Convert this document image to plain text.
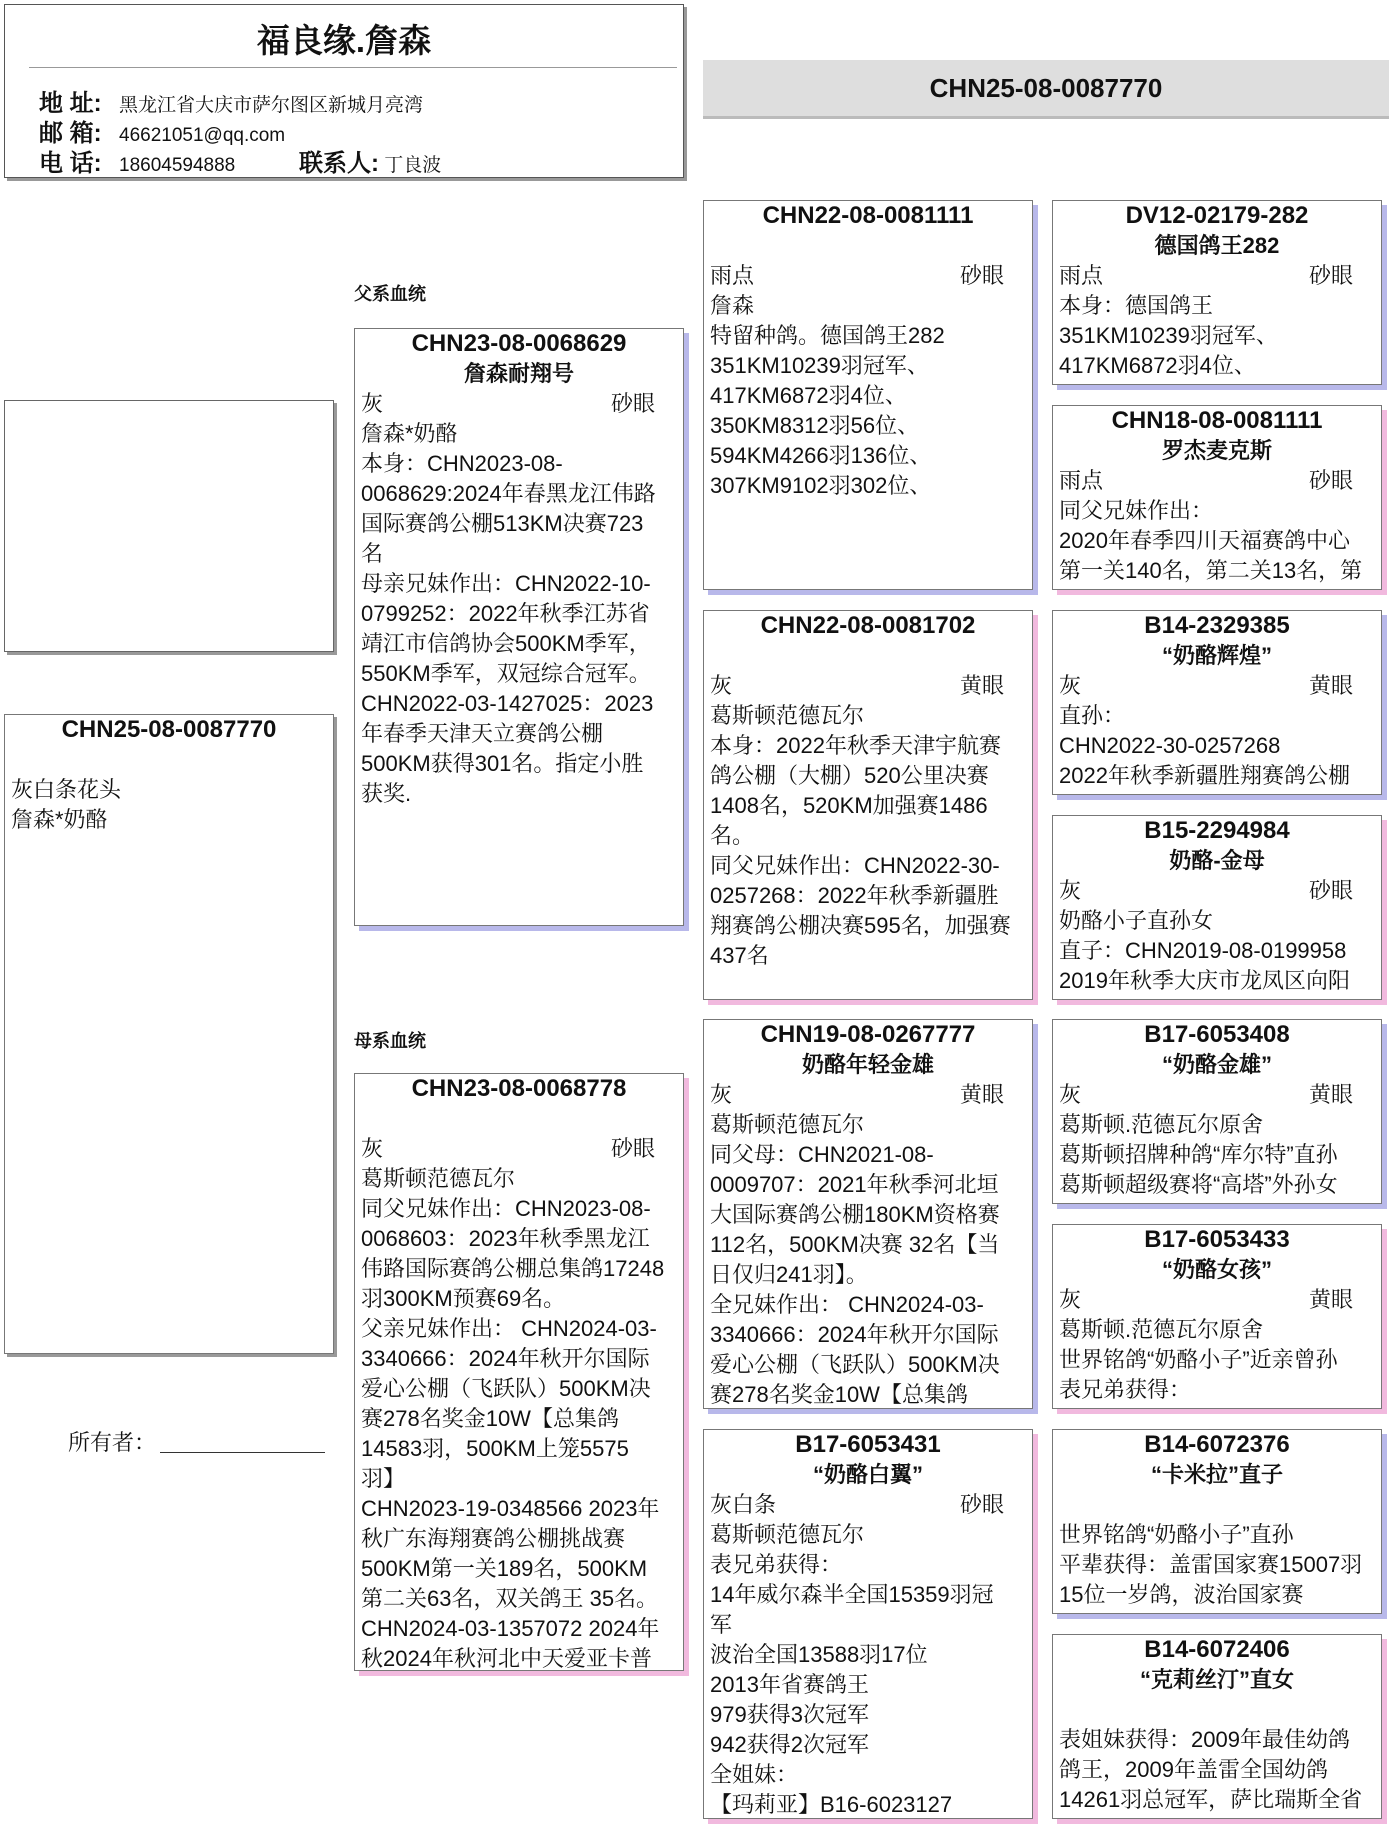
福良缘.詹森
地 址: 黑龙江省大庆市萨尔图区新城月亮湾
邮 箱: 46621051@qq.com
电 话: 18604594888	联系人: 丁良波
CHN25-08-0087770
父系血统
母系血统
CHN25-08-0087770
灰白条花头
詹森*奶酪
所有者：
CHN23-08-0068629
詹森耐翔号
灰	砂眼
詹森*奶酪
本身：CHN2023-08-
0068629:2024年春黑龙江伟路
国际赛鸽公棚513KM决赛723
名
母亲兄妹作出：CHN2022-10-
0799252：2022年秋季江苏省
靖江市信鸽协会500KM季军，
550KM季军，双冠综合冠军。
CHN2022-03-1427025：2023
年春季天津天立赛鸽公棚
500KM获得301名。指定小胜
获奖.
CHN23-08-0068778
灰	砂眼
葛斯顿范德瓦尔
同父兄妹作出：CHN2023-08-
0068603：2023年秋季黑龙江
伟路国际赛鸽公棚总集鸽17248
羽300KM预赛69名。
父亲兄妹作出： CHN2024-03-
3340666：2024年秋开尔国际
爱心公棚（飞跃队）500KM决
赛278名奖金10W【总集鸽
14583羽，500KM上笼5575
羽】
CHN2023-19-0348566 2023年
秋广东海翔赛鸽公棚挑战赛
500KM第一关189名，500KM
第二关63名，双关鸽王 35名。
CHN2024-03-1357072 2024年
秋2024年秋河北中天爱亚卡普
CHN22-08-0081111
雨点	砂眼
詹森
特留种鸽。德国鸽王282
351KM10239羽冠军、
417KM6872羽4位、
350KM8312羽56位、
594KM4266羽136位、
307KM9102羽302位、
CHN22-08-0081702
灰	黄眼
葛斯顿范德瓦尔
本身：2022年秋季天津宇航赛
鸽公棚（大棚）520公里决赛
1408名，520KM加强赛1486
名。
同父兄妹作出：CHN2022-30-
0257268：2022年秋季新疆胜
翔赛鸽公棚决赛595名，加强赛
437名
CHN19-08-0267777
奶酪年轻金雄
灰	黄眼
葛斯顿范德瓦尔
同父母：CHN2021-08-
0009707：2021年秋季河北垣
大国际赛鸽公棚180KM资格赛
112名，500KM决赛 32名【当
日仅归241羽】。
全兄妹作出： CHN2024-03-
3340666：2024年秋开尔国际
爱心公棚（飞跃队）500KM决
赛278名奖金10W【总集鸽
B17-6053431
“奶酪白翼”
灰白条	砂眼
葛斯顿范德瓦尔
表兄弟获得：
14年威尔森半全国15359羽冠
军
波治全国13588羽17位
2013年省赛鸽王
979获得3次冠军
942获得2次冠军
全姐妹：
【玛莉亚】B16-6023127
DV12-02179-282
德国鸽王282
雨点	砂眼
本身：德国鸽王
351KM10239羽冠军、
417KM6872羽4位、
CHN18-08-0081111
罗杰麦克斯
雨点	砂眼
同父兄妹作出：
2020年春季四川天福赛鸽中心
第一关140名，第二关13名，第
B14-2329385
“奶酪辉煌”
灰	黄眼
直孙：
CHN2022-30-0257268
2022年秋季新疆胜翔赛鸽公棚
B15-2294984
奶酪-金母
灰	砂眼
奶酪小子直孙女
直子：CHN2019-08-0199958
2019年秋季大庆市龙凤区向阳
B17-6053408
“奶酪金雄”
灰	黄眼
葛斯顿.范德瓦尔原舍
葛斯顿招牌种鸽“库尔特”直孙
葛斯顿超级赛将“高塔”外孙女
B17-6053433
“奶酪女孩”
灰	黄眼
葛斯顿.范德瓦尔原舍
世界铭鸽“奶酪小子”近亲曾孙
表兄弟获得：
B14-6072376
“卡米拉”直子
世界铭鸽“奶酪小子”直孙
平辈获得：盖雷国家赛15007羽
15位一岁鸽，波治国家赛
B14-6072406
“克莉丝汀”直女
表姐妹获得：2009年最佳幼鸽
鸽王，2009年盖雷全国幼鸽
14261羽总冠军，萨比瑞斯全省
